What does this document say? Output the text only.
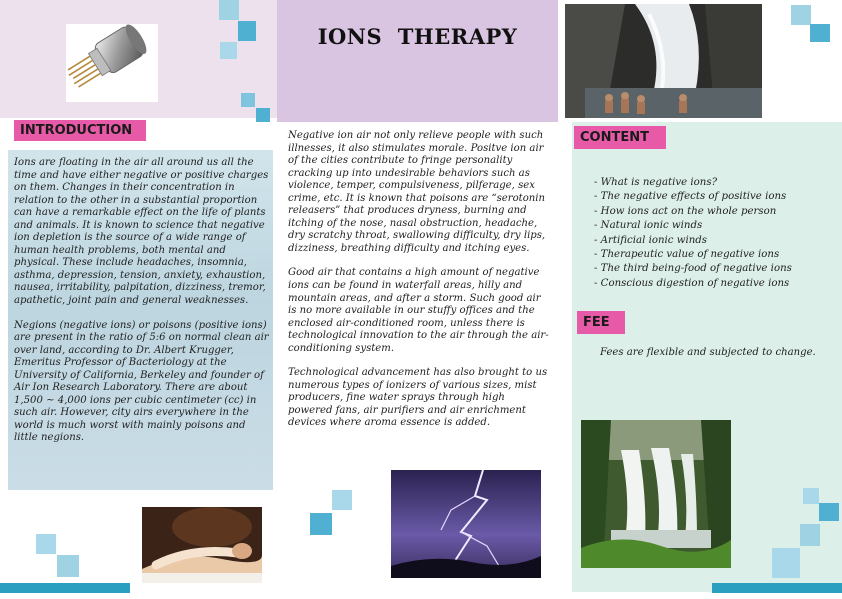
INTRODUCTION

Ions are floating in the air all around us all the time and have either negative or positive charges on them. Changes in their concentration in relation to the other in a substantial proportion can have a remarkable effect on the life of plants and animals. It is known to science that negative ion depletion is the source of a wide range of human health problems, both mental and physical. These include headaches, insomnia, asthma, depression, tension, anxiety, exhaustion, nausea, irritability, palpitation, dizziness, tremor, apathetic, joint pain and general weaknesses.

Negions (negative ions) or poisons (positive ions) are present in the ratio of 5:6 on normal clean air over land, according to Dr. Albert Krugger, Emeritus Professor of Bacteriology at the University of California, Berkeley and founder of Air Ion Research Laboratory. There are about 1,500 ~ 4,000 ions per cubic centimeter (cc) in such air. However, city airs everywhere in the world is much worst with mainly poisons and little negions.

IONS  THERAPY

Negative ion air not only relieve people with such illnesses, it also stimulates morale. Positve ion air of the cities contribute to fringe personality cracking up into undesirable behaviors such as violence, temper, compulsiveness, pilferage, sex crime, etc. It is known that poisons are “serotonin releasers” that produces dryness, burning and itching of the nose, nasal obstruction, headache, dry scratchy throat, swallowing difficulty, dry lips, dizziness, breathing difficulty and itching eyes.

Good air that contains a high amount of negative ions can be found in waterfall areas, hilly and mountain areas, and after a storm. Such good air is no more available in our stuffy offices and the enclosed air-conditioned room, unless there is technological innovation to the air through the air-conditioning system.

Technological advancement has also brought to us numerous types of ionizers of various sizes, mist producers, fine water sprays through high powered fans, air purifiers and air enrichment devices where aroma essence is added.

CONTENT
- What is negative ions?
- The negative effects of positive ions
- How ions act on the whole person
- Natural ionic winds
- Artificial ionic winds
- Therapeutic value of negative ions
- The third being-food of negative ions
- Conscious digestion of negative ions
FEE
Fees are flexible and subjected to change.
